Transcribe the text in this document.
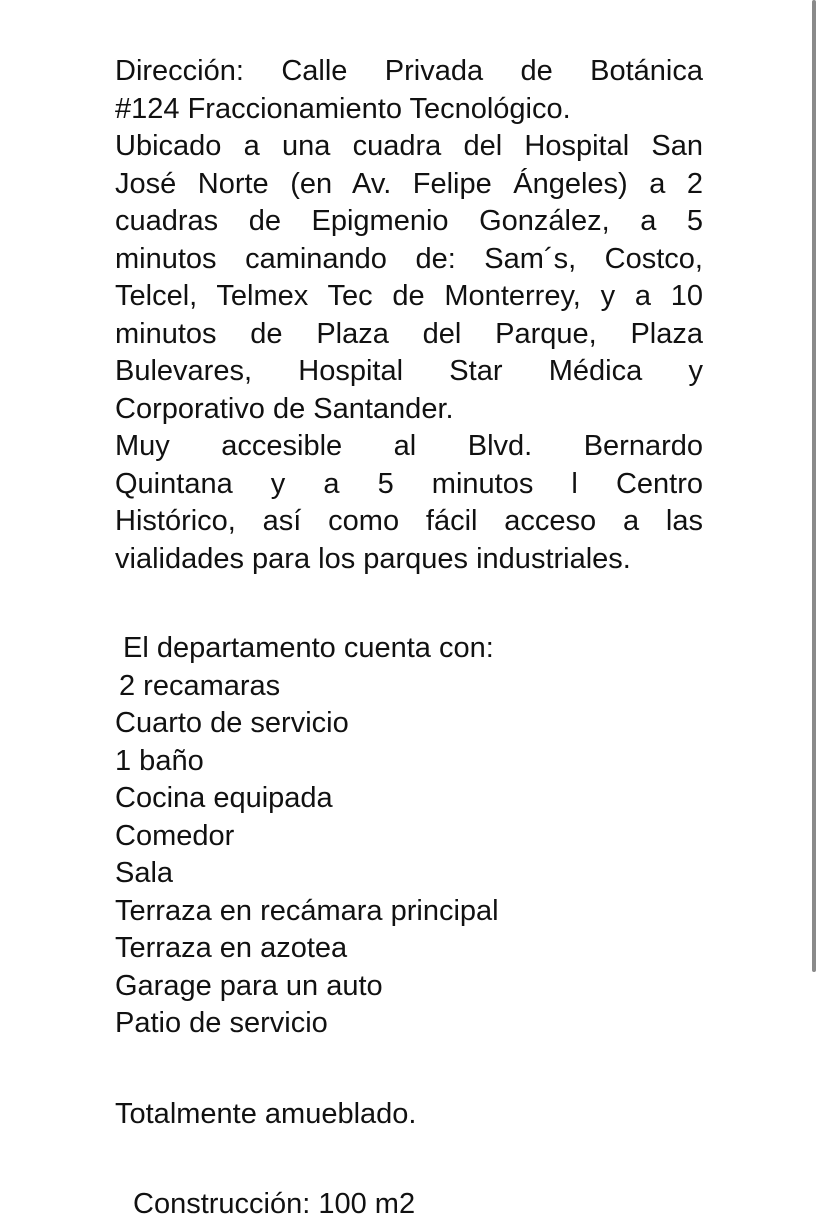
Dirección: Calle Privada de Botánica
#124 Fraccionamiento Tecnológico.
Ubicado a una cuadra del Hospital San
José Norte (en Av. Felipe Ángeles) a 2
cuadras de Epigmenio González, a 5
minutos caminando de: Sam´s, Costco,
Telcel, Telmex Tec de Monterrey, y a 10
minutos de Plaza del Parque, Plaza
Bulevares, Hospital Star Médica y
Corporativo de Santander.
Muy accesible al Blvd. Bernardo
Quintana y a 5 minutos l Centro
Histórico, así como fácil acceso a las
vialidades para los parques industriales.
El departamento cuenta con:
2 recamaras
Cuarto de servicio
1 baño
Cocina equipada
Comedor
Sala
Terraza en recámara principal
Terraza en azotea
Garage para un auto
Patio de servicio
Totalmente amueblado.
Construcción: 100 m2
